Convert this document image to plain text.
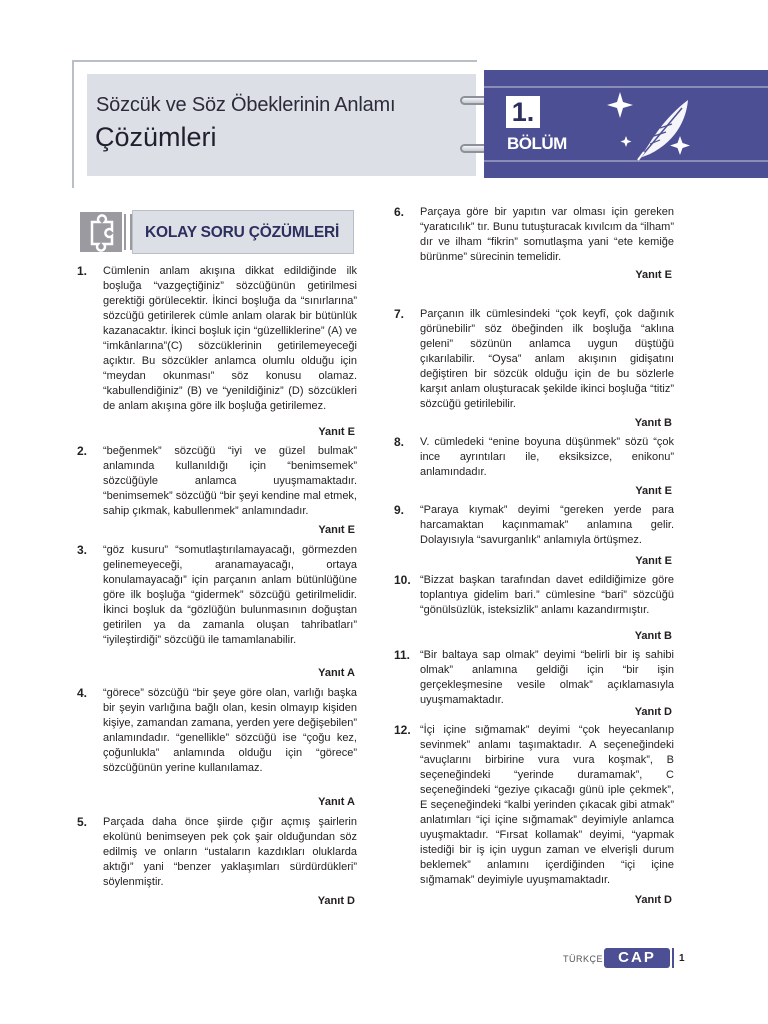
Sözcük ve Söz Öbeklerinin Anlamı
Çözümleri
1.
BÖLÜM
KOLAY SORU ÇÖZÜMLERİ
1. Cümlenin anlam akışına dikkat edildiğinde ilk boşluğa “vazgeçtiğiniz” sözcüğünün getirilmesi gerektiği görülecektir. İkinci boşluğa da “sınırlarına” sözcüğü getirilerek cümle anlam olarak bir bütünlük kazanacaktır. İkinci boşluk için “güzelliklerine” (A) ve “imkânlarına”(C) sözcüklerinin getirilemeyeceği açıktır. Bu sözcükler anlamca olumlu olduğu için “meydan okunması” söz konusu olamaz. “kabullendiğiniz” (B) ve “yenildiğiniz” (D) sözcükleri de anlam akışına göre ilk boşluğa getirilemez.

Yanıt E
2. “beğenmek” sözcüğü “iyi ve güzel bulmak” anlamında kullanıldığı için “benimsemek” sözcüğüyle anlamca uyuşmamaktadır. “benimsemek” sözcüğü “bir şeyi kendine mal etmek, sahip çıkmak, kabullenmek” anlamındadır.

Yanıt E
3. “göz kusuru” “somutlaştırılamayacağı, görmezden gelinemeyeceği, aranamayacağı, ortaya konulamayacağı” için parçanın anlam bütünlüğüne göre ilk boşluğa “gidermek” sözcüğü getirilmelidir. İkinci boşluk da “gözlüğün bulunmasının doğuştan getirilen ya da zamanla oluşan tahribatları” “iyileştirdiği” sözcüğü ile tamamlanabilir.

Yanıt A
4. “görece” sözcüğü “bir şeye göre olan, varlığı başka bir şeyin varlığına bağlı olan, kesin olmayıp kişiden kişiye, zamandan zamana, yerden yere değişebilen” anlamındadır. “genellikle” sözcüğü ise “çoğu kez, çoğunlukla” anlamında olduğu için “görece” sözcüğünün yerine kullanılamaz.

Yanıt A
5. Parçada daha önce şiirde çığır açmış şairlerin ekolünü benimseyen pek çok şair olduğundan söz edilmiş ve onların “ustaların kazdıkları oluklarda aktığı” yani “benzer yaklaşımları sürdürdükleri” söylenmiştir.

Yanıt D
6. Parçaya göre bir yapıtın var olması için gereken “yaratıcılık” tır. Bunu tutuşturacak kıvılcım da “ilham” dır ve ilham “fikrin” somutlaşma yani “ete kemiğe bürünme” sürecinin temelidir.

Yanıt E
7. Parçanın ilk cümlesindeki “çok keyfî, çok dağınık görünebilir” söz öbeğinden ilk boşluğa “aklına geleni” sözünün anlamca uygun düştüğü çıkarılabilir. “Oysa” anlam akışının gidişatını değiştiren bir sözcük olduğu için de bu sözlerle karşıt anlam oluşturacak şekilde ikinci boşluğa “titiz” sözcüğü getirilebilir.

Yanıt B
8. V. cümledeki “enine boyuna düşünmek” sözü “çok ince ayrıntıları ile, eksiksizce, enikonu” anlamındadır.

Yanıt E
9. “Paraya kıymak” deyimi “gereken yerde para harcamaktan kaçınmamak” anlamına gelir. Dolayısıyla “savurganlık” anlamıyla örtüşmez.

Yanıt E
10. “Bizzat başkan tarafından davet edildiğimize göre toplantıya gidelim bari.” cümlesine “bari” sözcüğü “gönülsüzlük, isteksizlik” anlamı kazandırmıştır.

Yanıt B
11. “Bir baltaya sap olmak” deyimi “belirli bir iş sahibi olmak” anlamına geldiği için “bir işin gerçekleşmesine vesile olmak” açıklamasıyla uyuşmamaktadır.

Yanıt D
12. “İçi içine sığmamak” deyimi “çok heyecanlanıp sevinmek” anlamı taşımaktadır. A seçeneğindeki “avuçlarını birbirine vura vura koşmak”, B seçeneğindeki “yerinde duramamak”, C seçeneğindeki “geziye çıkacağı günü iple çekmek”, E seçeneğindeki “kalbi yerinden çıkacak gibi atmak” anlatımları “içi içine sığmamak” deyimiyle anlamca uyuşmaktadır. “Fırsat kollamak” deyimi, “yapmak istediği bir iş için uygun zaman ve elverişli durum beklemek” anlamını içerdiğinden “içi içine sığmamak” deyimiyle uyuşmamaktadır.

Yanıt D
TÜRKÇE	CAP	1
